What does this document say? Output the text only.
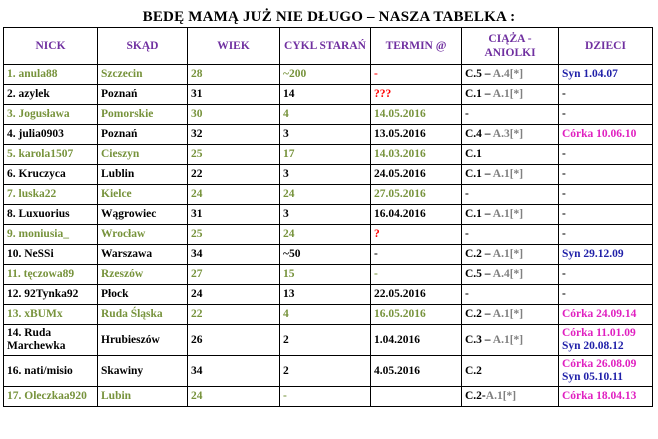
BEDĘ MAMĄ JUŻ NIE DŁUGO – NASZA TABELKA :
NICK	SKĄD	WIEK	CYKL STARAŃ	TERMIN @	CIĄŻA - ANIOLKI	DZIECI
1. anula88	Szczecin	28	~200	-	C.5 – A.4[*]	Syn 1.04.07

2. azylek	Poznań	31	14	???	C.1 – A.1[*]	-

3. Jogusława	Pomorskie	30	4	14.05.2016	-	-

4. julia0903	Poznań	32	3	13.05.2016	C.4 – A.3[*]	Córka 10.06.10

5. karola1507	Cieszyn	25	17	14.03.2016	C.1	-

6. Kruczyca	Lublin	22	3	24.05.2016	C.1 – A.1[*]	-

7. luska22	Kielce	24	24	27.05.2016	-	-

8. Luxuorius	Wągrowiec	31	3	16.04.2016	C.1 – A.1[*]	-

9. moniusia_	Wrocław	25	24	?	-	-

10. NeSSi	Warszawa	34	~50	-	C.2 – A.1[*]	Syn 29.12.09

11. tęczowa89	Rzeszów	27	15	-	C.5 – A.4[*]	-

12. 92Tynka92	Płock	24	13	22.05.2016	-	-

13. xBUMx	Ruda Śląska	22	4	16.05.2016	C.2 – A.1[*]	Córka 24.09.14

14. Ruda Marchewka	Hrubieszów	26	2	1.04.2016	C.3 – A.1[*]	Córka 11.01.09
Syn 20.08.12

16. nati/misio	Skawiny	34	2	4.05.2016	C.2	Córka 26.08.09
Syn 05.10.11

17. Oleczkaa920	Lubin	24	-		C.2-A.1[*]	Córka 18.04.13
